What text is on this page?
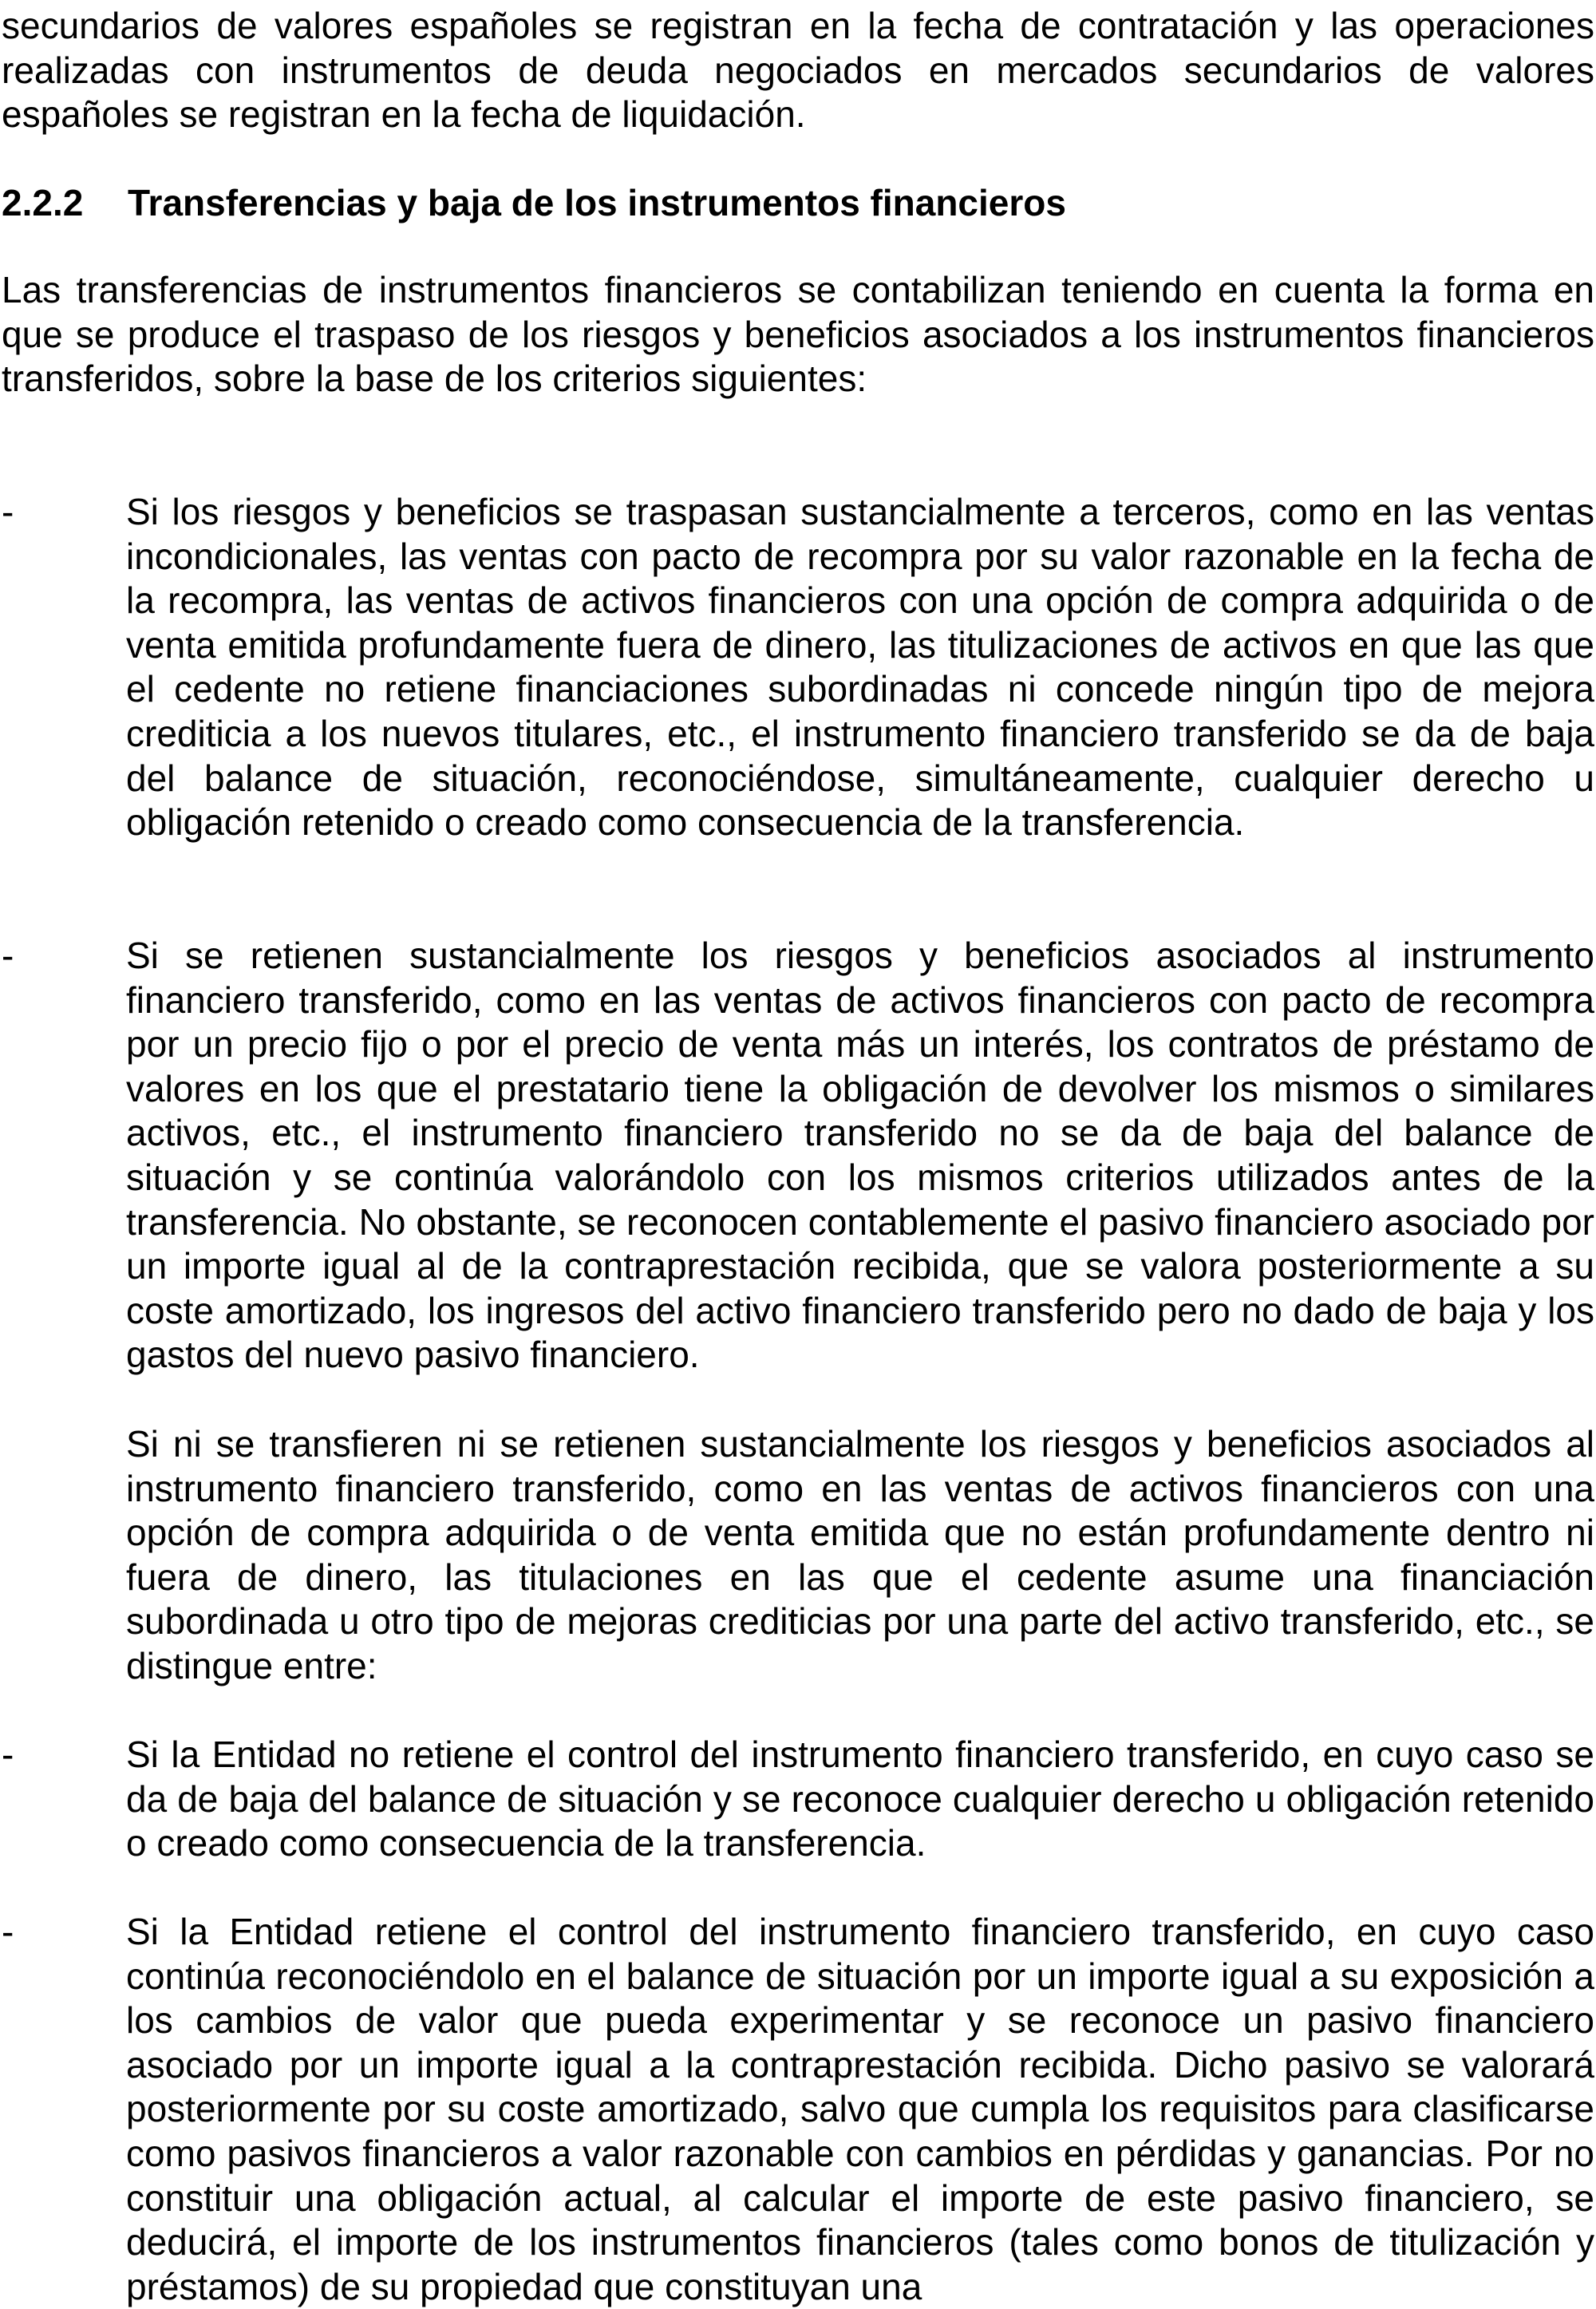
secundarios de valores españoles se registran en la fecha de contratación y las operaciones realizadas con instrumentos de deuda negociados en mercados secundarios de valores españoles se registran en la fecha de liquidación.

2.2.2 Transferencias y baja de los instrumentos financieros

Las transferencias de instrumentos financieros se contabilizan teniendo en cuenta la forma en que se produce el traspaso de los riesgos y beneficios asociados a los instrumentos financieros transferidos, sobre la base de los criterios siguientes:

-	Si los riesgos y beneficios se traspasan sustancialmente a terceros, como en las ventas incondicionales, las ventas con pacto de recompra por su valor razonable en la fecha de la recompra, las ventas de activos financieros con una opción de compra adquirida o de venta emitida profundamente fuera de dinero, las titulizaciones de activos en que las que el cedente no retiene financiaciones subordinadas ni concede ningún tipo de mejora crediticia a los nuevos titulares, etc., el instrumento financiero transferido se da de baja del balance de situación, reconociéndose, simultáneamente, cualquier derecho u obligación retenido o creado como consecuencia de la transferencia.

-	Si se retienen sustancialmente los riesgos y beneficios asociados al instrumento financiero transferido, como en las ventas de activos financieros con pacto de recompra por un precio fijo o por el precio de venta más un interés, los contratos de préstamo de valores en los que el prestatario tiene la obligación de devolver los mismos o similares activos, etc., el instrumento financiero transferido no se da de baja del balance de situación y se continúa valorándolo con los mismos criterios utilizados antes de la transferencia. No obstante, se reconocen contablemente el pasivo financiero asociado por un importe igual al de la contraprestación recibida, que se valora posteriormente a su coste amortizado, los ingresos del activo financiero transferido pero no dado de baja y los gastos del nuevo pasivo financiero.

Si ni se transfieren ni se retienen sustancialmente los riesgos y beneficios asociados al instrumento financiero transferido, como en las ventas de activos financieros con una opción de compra adquirida o de venta emitida que no están profundamente dentro ni fuera de dinero, las titulaciones en las que el cedente asume una financiación subordinada u otro tipo de mejoras crediticias por una parte del activo transferido, etc., se distingue entre:

-	Si la Entidad no retiene el control del instrumento financiero transferido, en cuyo caso se da de baja del balance de situación y se reconoce cualquier derecho u obligación retenido o creado como consecuencia de la transferencia.

-	Si la Entidad retiene el control del instrumento financiero transferido, en cuyo caso continúa reconociéndolo en el balance de situación por un importe igual a su exposición a los cambios de valor que pueda experimentar y se reconoce un pasivo financiero asociado por un importe igual a la contraprestación recibida. Dicho pasivo se valorará posteriormente por su coste amortizado, salvo que cumpla los requisitos para clasificarse como pasivos financieros a valor razonable con cambios en pérdidas y ganancias. Por no constituir una obligación actual, al calcular el importe de este pasivo financiero, se deducirá, el importe de los instrumentos financieros (tales como bonos de titulización y préstamos) de su propiedad que constituyan una
